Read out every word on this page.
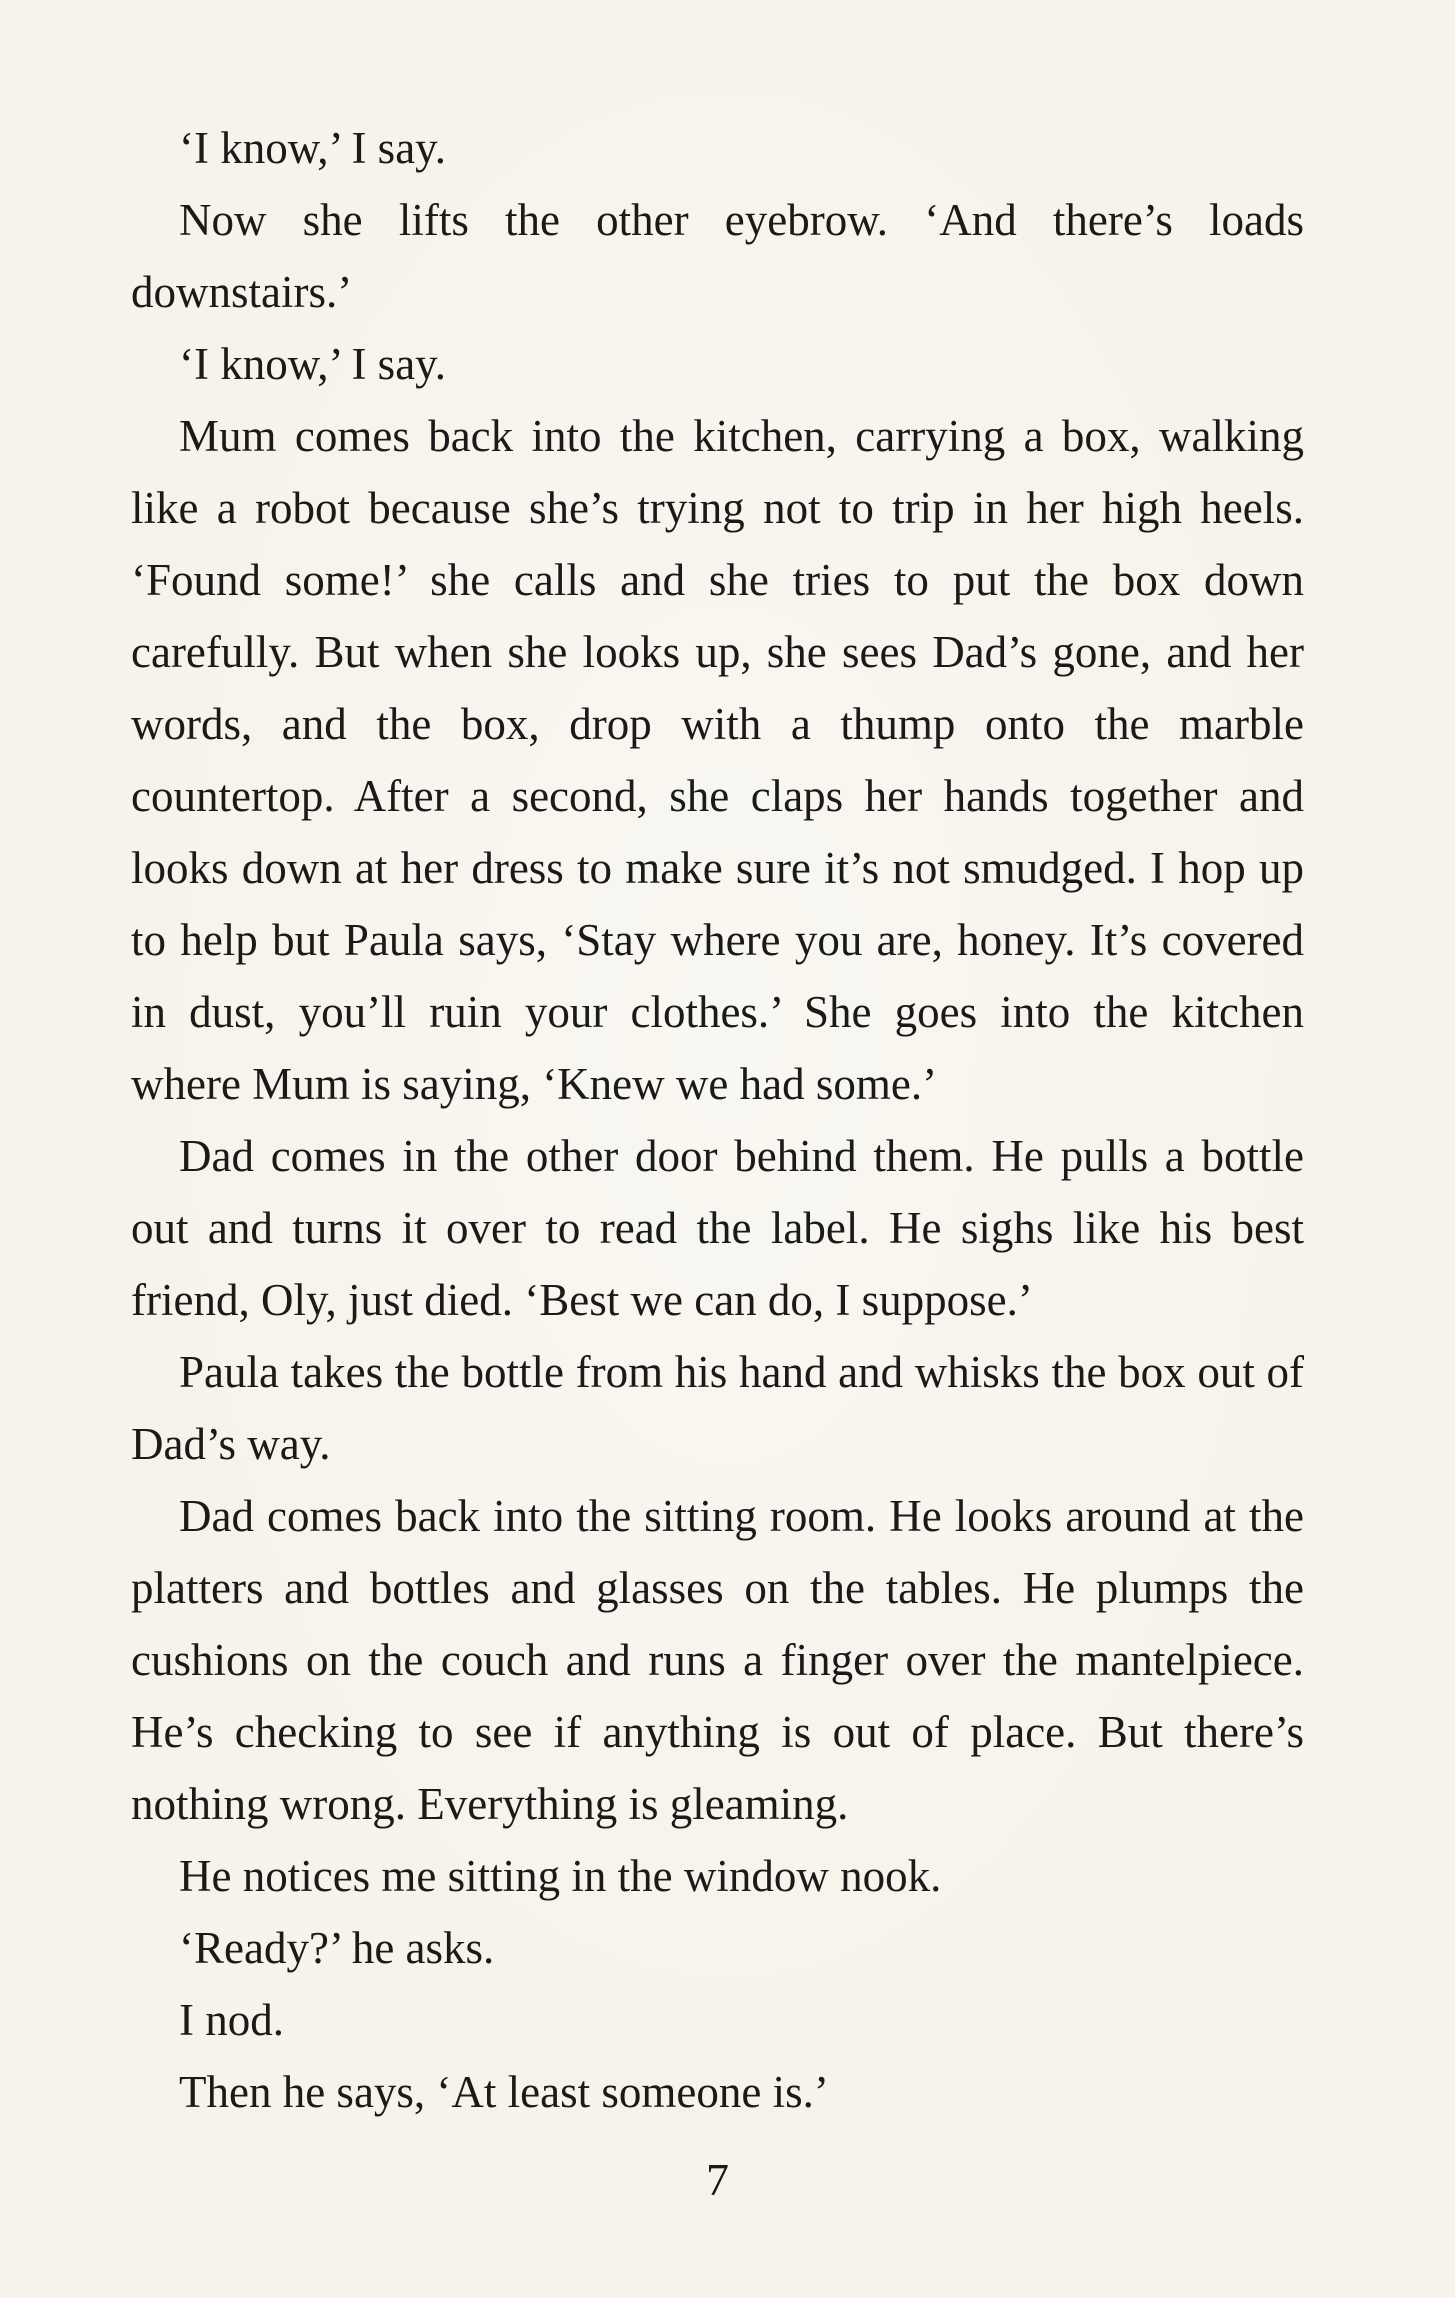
‘I know,’ I say.

Now she lifts the other eyebrow. ‘And there’s loads downstairs.’

‘I know,’ I say.

Mum comes back into the kitchen, carrying a box, walking like a robot because she’s trying not to trip in her high heels. ‘Found some!’ she calls and she tries to put the box down carefully. But when she looks up, she sees Dad’s gone, and her words, and the box, drop with a thump onto the marble countertop. After a second, she claps her hands together and looks down at her dress to make sure it’s not smudged. I hop up to help but Paula says, ‘Stay where you are, honey. It’s covered in dust, you’ll ruin your clothes.’ She goes into the kitchen where Mum is saying, ‘Knew we had some.’

Dad comes in the other door behind them. He pulls a bottle out and turns it over to read the label. He sighs like his best friend, Oly, just died. ‘Best we can do, I suppose.’

Paula takes the bottle from his hand and whisks the box out of Dad’s way.

Dad comes back into the sitting room. He looks around at the platters and bottles and glasses on the tables. He plumps the cushions on the couch and runs a finger over the mantelpiece. He’s checking to see if anything is out of place. But there’s nothing wrong. Everything is gleaming.

He notices me sitting in the window nook.

‘Ready?’ he asks.

I nod.

Then he says, ‘At least someone is.’

7
